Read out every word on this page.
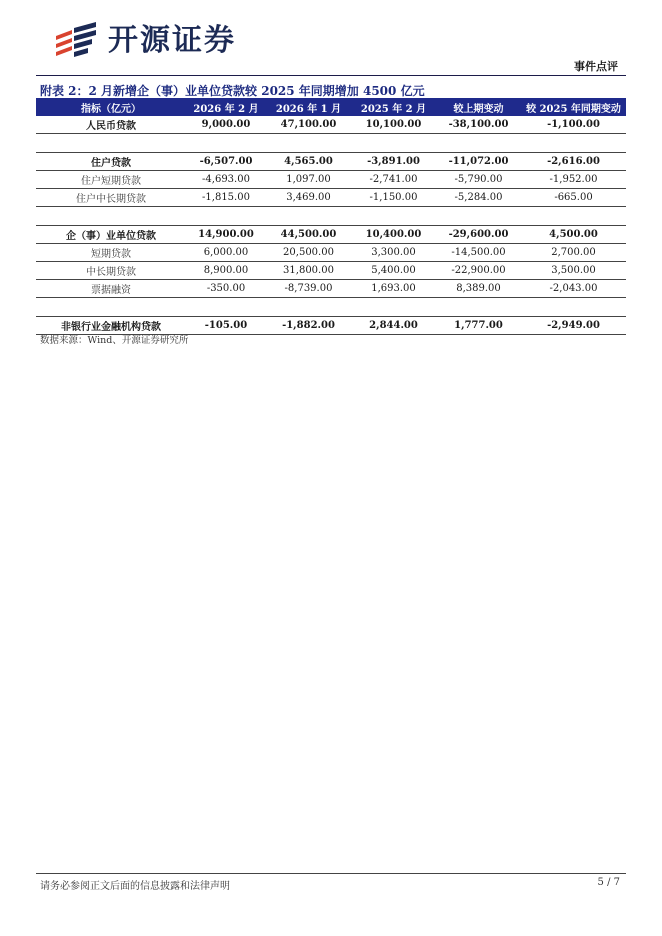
开源证券
事件点评
附表 2：2 月新增企（事）业单位贷款较 2025 年同期增加 4500 亿元
指标（亿元）	2026 年 2 月	2026 年 1 月	2025 年 2 月	较上期变动	较 2025 年同期变动
人民币贷款	9,000.00	47,100.00	10,100.00	-38,100.00	-1,100.00

住户贷款	-6,507.00	4,565.00	-3,891.00	-11,072.00	-2,616.00
住户短期贷款	-4,693.00	1,097.00	-2,741.00	-5,790.00	-1,952.00
住户中长期贷款	-1,815.00	3,469.00	-1,150.00	-5,284.00	-665.00

企（事）业单位贷款	14,900.00	44,500.00	10,400.00	-29,600.00	4,500.00
短期贷款	6,000.00	20,500.00	3,300.00	-14,500.00	2,700.00
中长期贷款	8,900.00	31,800.00	5,400.00	-22,900.00	3,500.00
票据融资	-350.00	-8,739.00	1,693.00	8,389.00	-2,043.00

非银行业金融机构贷款	-105.00	-1,882.00	2,844.00	1,777.00	-2,949.00
数据来源：Wind、开源证券研究所
请务必参阅正文后面的信息披露和法律声明	5 / 7
